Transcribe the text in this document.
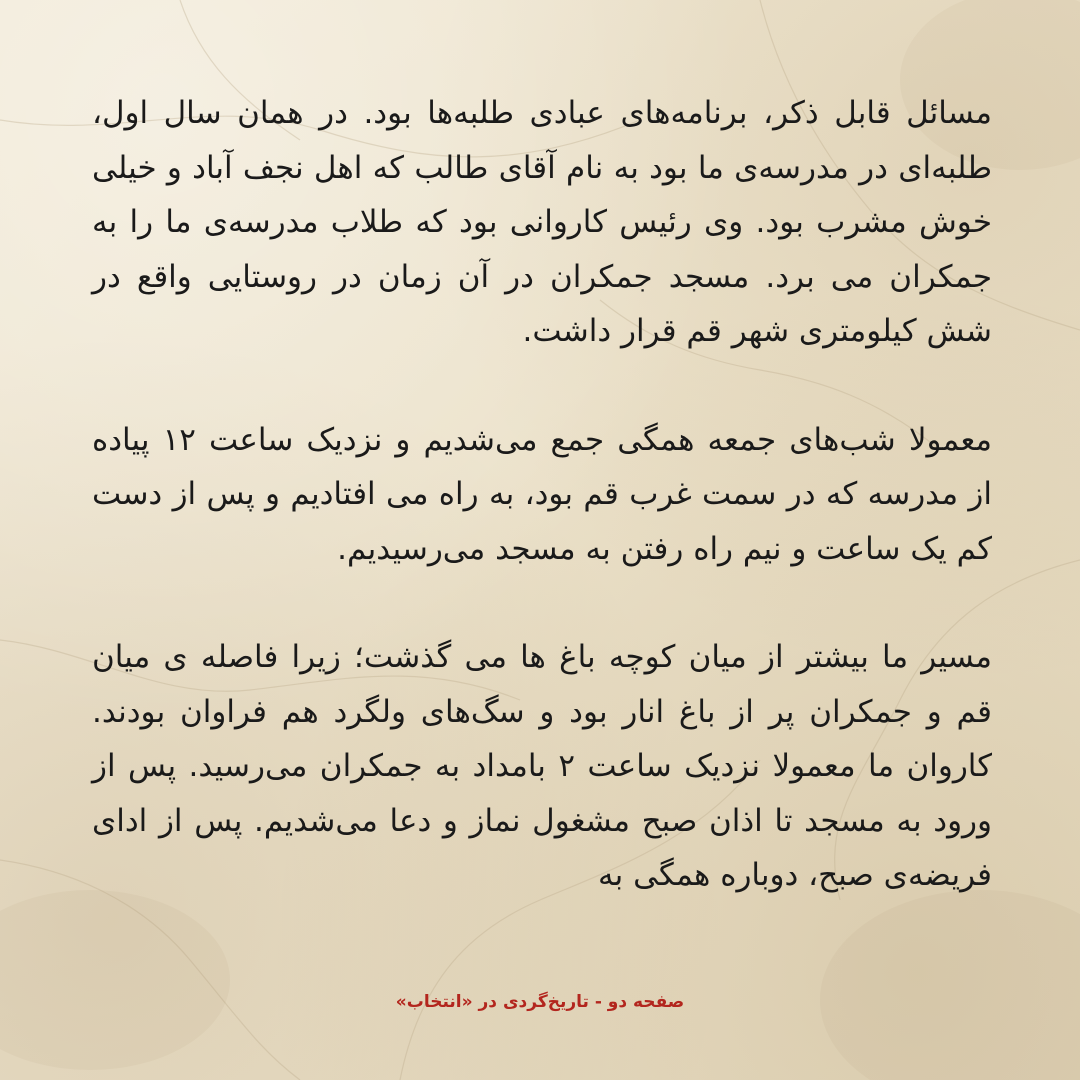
مسائل قابل ذکر، برنامه‌های عبادی طلبه‌ها بود. در همان سال اول، طلبه‌ای در مدرسه‌ی ما بود به نام آقای طالب که اهل نجف آباد و خیلی خوش مشرب بود. وی رئیس کاروانی بود که طلاب مدرسه‌ی ما را به جمکران می برد. مسجد جمکران در آن زمان در روستایی واقع در شش کیلومتری شهر قم قرار داشت.

معمولا شب‌های جمعه همگی جمع می‌شدیم و نزدیک ساعت ۱۲ پیاده از مدرسه که در سمت غرب قم بود، به راه می افتادیم و پس از دست کم یک ساعت و نیم راه رفتن به مسجد می‌رسیدیم.

مسیر ما بیشتر از میان کوچه باغ ها می گذشت؛ زیرا فاصله ی میان قم و جمکران پر از باغ انار بود و سگ‌های ولگرد هم فراوان بودند. کاروان ما معمولا نزدیک ساعت ۲ بامداد به جمکران می‌رسید. پس از ورود به مسجد تا اذان صبح مشغول نماز و دعا می‌شدیم. پس از ادای فریضه‌ی صبح، دوباره همگی به

صفحه دو - تاریخ‌گردی در «انتخاب»
